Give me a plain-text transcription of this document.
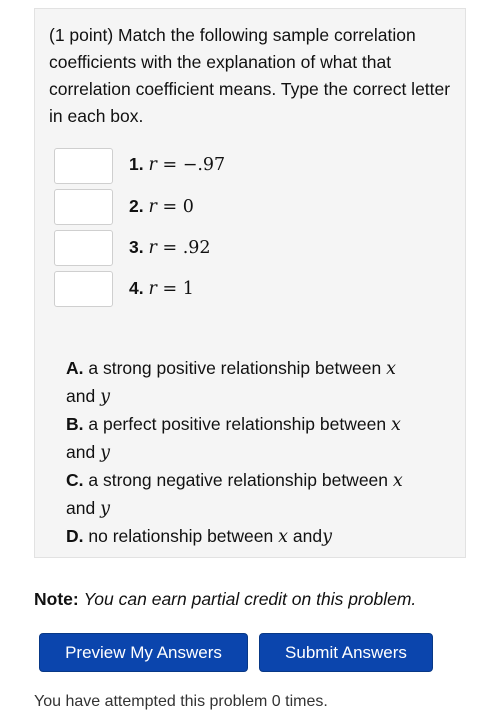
(1 point) Match the following sample correlation coefficients with the explanation of what that correlation coefficient means. Type the correct letter in each box.

1. r = −.97
2. r = 0
3. r = .92
4. r = 1
A. a strong positive relationship between x
and y
B. a perfect positive relationship between x
and y
C. a strong negative relationship between x
and y
D. no relationship between x andy
Note: You can earn partial credit on this problem.
Preview My Answers	Submit Answers
You have attempted this problem 0 times.
